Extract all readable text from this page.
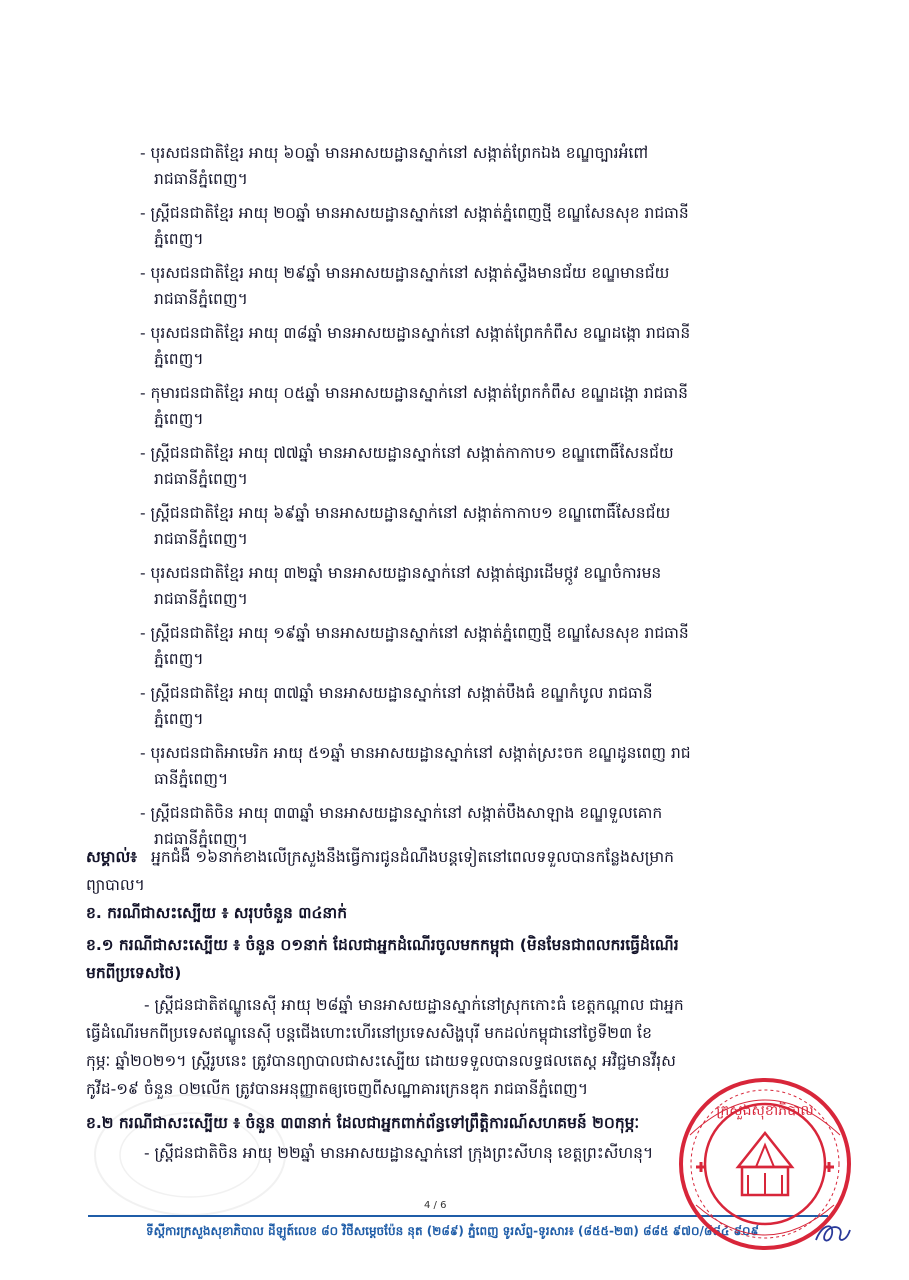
- បុរសជនជាតិខ្មែរ អាយុ ៦០ឆ្នាំ មានអាសយដ្ឋានស្នាក់នៅ សង្កាត់ព្រែកឯង ខណ្ឌច្បារអំពៅ
រាជធានីភ្នំពេញ។
- ស្ត្រីជនជាតិខ្មែរ អាយុ ២០ឆ្នាំ មានអាសយដ្ឋានស្នាក់នៅ សង្កាត់ភ្នំពេញថ្មី ខណ្ឌសែនសុខ រាជធានី
ភ្នំពេញ។
- បុរសជនជាតិខ្មែរ អាយុ ២៩ឆ្នាំ មានអាសយដ្ឋានស្នាក់នៅ សង្កាត់ស្ទឹងមានជ័យ ខណ្ឌមានជ័យ
រាជធានីភ្នំពេញ។
- បុរសជនជាតិខ្មែរ អាយុ ៣៨ឆ្នាំ មានអាសយដ្ឋានស្នាក់នៅ សង្កាត់ព្រែកកំពឹស ខណ្ឌដង្កោ រាជធានី
ភ្នំពេញ។
- កុមារជនជាតិខ្មែរ អាយុ ០៥ឆ្នាំ មានអាសយដ្ឋានស្នាក់នៅ សង្កាត់ព្រែកកំពឹស ខណ្ឌដង្កោ រាជធានី
ភ្នំពេញ។
- ស្ត្រីជនជាតិខ្មែរ អាយុ ៧៧ឆ្នាំ មានអាសយដ្ឋានស្នាក់នៅ សង្កាត់កាកាប១ ខណ្ឌពោធិ៍សែនជ័យ
រាជធានីភ្នំពេញ។
- ស្ត្រីជនជាតិខ្មែរ អាយុ ៦៩ឆ្នាំ មានអាសយដ្ឋានស្នាក់នៅ សង្កាត់កាកាប១ ខណ្ឌពោធិ៍សែនជ័យ
រាជធានីភ្នំពេញ។
- បុរសជនជាតិខ្មែរ អាយុ ៣២ឆ្នាំ មានអាសយដ្ឋានស្នាក់នៅ សង្កាត់ផ្សារដើមថ្កូវ ខណ្ឌចំការមន
រាជធានីភ្នំពេញ។
- ស្ត្រីជនជាតិខ្មែរ អាយុ ១៩ឆ្នាំ មានអាសយដ្ឋានស្នាក់នៅ សង្កាត់ភ្នំពេញថ្មី ខណ្ឌសែនសុខ រាជធានី
ភ្នំពេញ។
- ស្ត្រីជនជាតិខ្មែរ អាយុ ៣៧ឆ្នាំ មានអាសយដ្ឋានស្នាក់នៅ សង្កាត់បឹងធំ ខណ្ឌកំបូល រាជធានី
ភ្នំពេញ។
- បុរសជនជាតិអាមេរិក អាយុ ៥១ឆ្នាំ មានអាសយដ្ឋានស្នាក់នៅ សង្កាត់ស្រះចក ខណ្ឌដូនពេញ រាជ
ធានីភ្នំពេញ។
- ស្ត្រីជនជាតិចិន អាយុ ៣៣ឆ្នាំ មានអាសយដ្ឋានស្នាក់នៅ សង្កាត់បឹងសាឡាង ខណ្ឌទួលគោក
រាជធានីភ្នំពេញ។
សម្គាល់៖ អ្នកជំងឺ ១៦នាក់ខាងលើក្រសួងនឹងធ្វើការជូនដំណឹងបន្តទៀតនៅពេលទទួលបានកន្លែងសម្រាក
ព្យាបាល។
ខ. ករណីជាសះស្បើយ ៖ សរុបចំនួន ៣៤នាក់
ខ.១ ករណីជាសះស្បើយ ៖ ចំនួន ០១នាក់ ដែលជាអ្នកដំណើរចូលមកកម្ពុជា (មិនមែនជាពលករធ្វើដំណើរ
មកពីប្រទេសថៃ)
- ស្ត្រីជនជាតិឥណ្ឌូនេស៊ី អាយុ ២៨ឆ្នាំ មានអាសយដ្ឋានស្នាក់នៅស្រុកកោះធំ ខេត្តកណ្ដាល ជាអ្នក
ធ្វើដំណើរមកពីប្រទេសឥណ្ឌូនេស៊ី បន្តជើងហោះហើរនៅប្រទេសសិង្ហបុរី មកដល់កម្ពុជានៅថ្ងៃទី២៣ ខែ
កុម្ភៈ ឆ្នាំ២០២១។ ស្ត្រីរូបនេះ ត្រូវបានព្យាបាលជាសះស្បើយ ដោយទទួលបានលទ្ធផលតេស្ត អវិជ្ជមានវីរុស
កូវីដ-១៩ ចំនួន ០២លើក ត្រូវបានអនុញ្ញាតឲ្យចេញពីសណ្ឋាគារក្រេនឌុក រាជធានីភ្នំពេញ។
ខ.២ ករណីជាសះស្បើយ ៖ ចំនួន ៣៣នាក់ ដែលជាអ្នកពាក់ព័ន្ធទៅព្រឹត្តិការណ៍សហគមន៍ ២០កុម្ភៈ
- ស្ត្រីជនជាតិចិន អាយុ ២២ឆ្នាំ មានអាសយដ្ឋានស្នាក់នៅ ក្រុងព្រះសីហនុ ខេត្តព្រះសីហនុ។
4 / 6
ទីស្តីការក្រសួងសុខាភិបាល ដីឡូត៍លេខ ៨០ វិថីសម្ដេចប៉ែន នុត (២៨៩) ភ្នំពេញ ទូរស័ព្ទ-ទូរសារ៖ (៨៥៥-២៣) ៨៨៥ ៩៧០/៨៨៤ ៩០៩
ក្រសួងសុខាភិបាល
